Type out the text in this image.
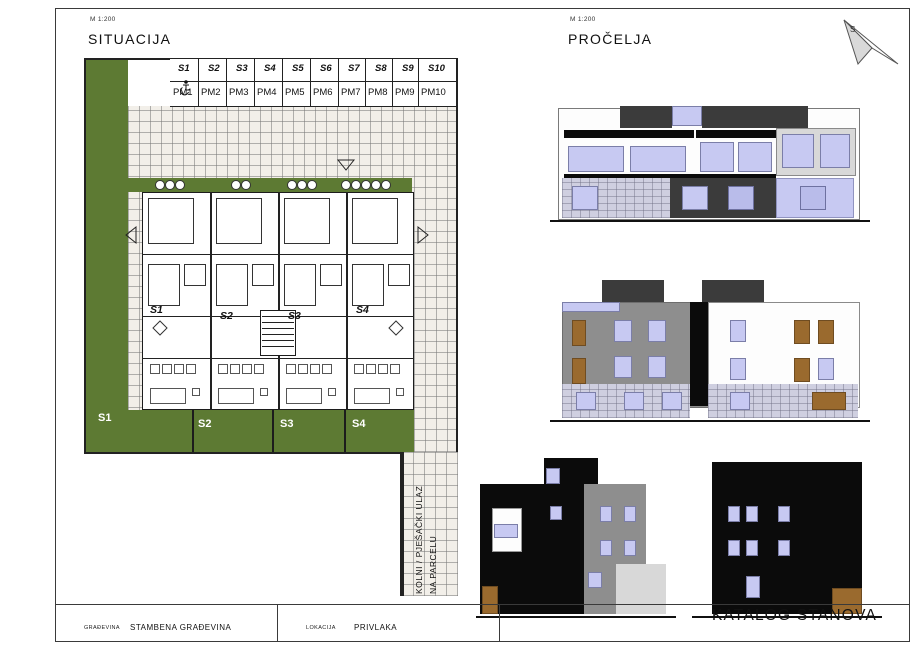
M 1:200
SITUACIJA
S1 S2 S3 S4 S5 S6 S7 S8 S9 S10
PM1 PM2 PM3 PM4 PM5 PM6 PM7 PM8 PM9 PM10
S1	S2	S3	S4
S1	S2	S3	S4
KOLNI / PJEŠAČKI ULAZ NA PARCELU
M 1:200
PROČELJA
S
GRAĐEVINA STAMBENA GRAĐEVINA	LOKACIJA PRIVLAKA
KATALOG STANOVA
